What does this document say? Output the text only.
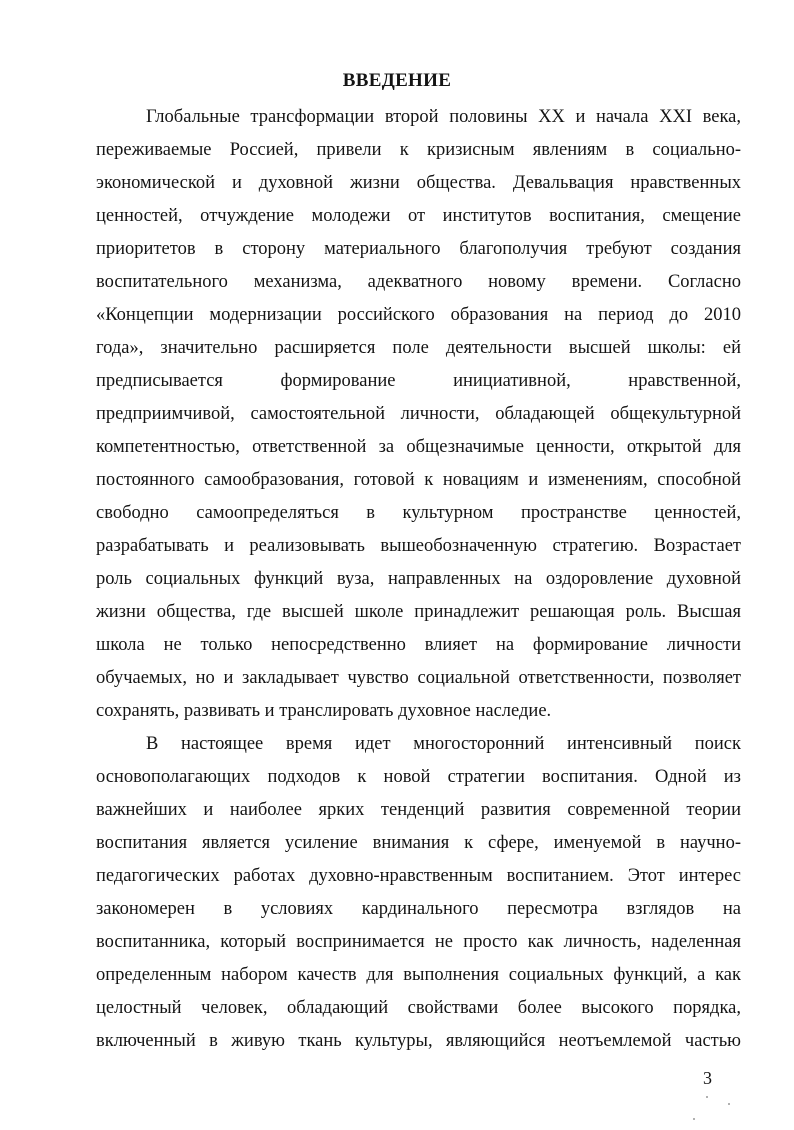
ВВЕДЕНИЕ
Глобальные трансформации второй половины XX и начала XXI века,
переживаемые Россией, привели к кризисным явлениям в социально-
экономической и духовной жизни общества. Девальвация нравственных
ценностей, отчуждение молодежи от институтов воспитания, смещение
приоритетов в сторону материального благополучия требуют создания
воспитательного механизма, адекватного новому времени. Согласно
«Концепции модернизации российского образования на период до 2010
года», значительно расширяется поле деятельности высшей школы: ей
предписывается формирование инициативной, нравственной,
предприимчивой, самостоятельной личности, обладающей общекультурной
компетентностью, ответственной за общезначимые ценности, открытой для
постоянного самообразования, готовой к новациям и изменениям, способной
свободно самоопределяться в культурном пространстве ценностей,
разрабатывать и реализовывать вышеобозначенную стратегию. Возрастает
роль социальных функций вуза, направленных на оздоровление духовной
жизни общества, где высшей школе принадлежит решающая роль. Высшая
школа не только непосредственно влияет на формирование личности
обучаемых, но и закладывает чувство социальной ответственности, позволяет
сохранять, развивать и транслировать духовное наследие.
В настоящее время идет многосторонний интенсивный поиск
основополагающих подходов к новой стратегии воспитания. Одной из
важнейших и наиболее ярких тенденций развития современной теории
воспитания является усиление внимания к сфере, именуемой в научно-
педагогических работах духовно-нравственным воспитанием. Этот интерес
закономерен в условиях кардинального пересмотра взглядов на
воспитанника, который воспринимается не просто как личность, наделенная
определенным набором качеств для выполнения социальных функций, а как
целостный человек, обладающий свойствами более высокого порядка,
включенный в живую ткань культуры, являющийся неотъемлемой частью
3
